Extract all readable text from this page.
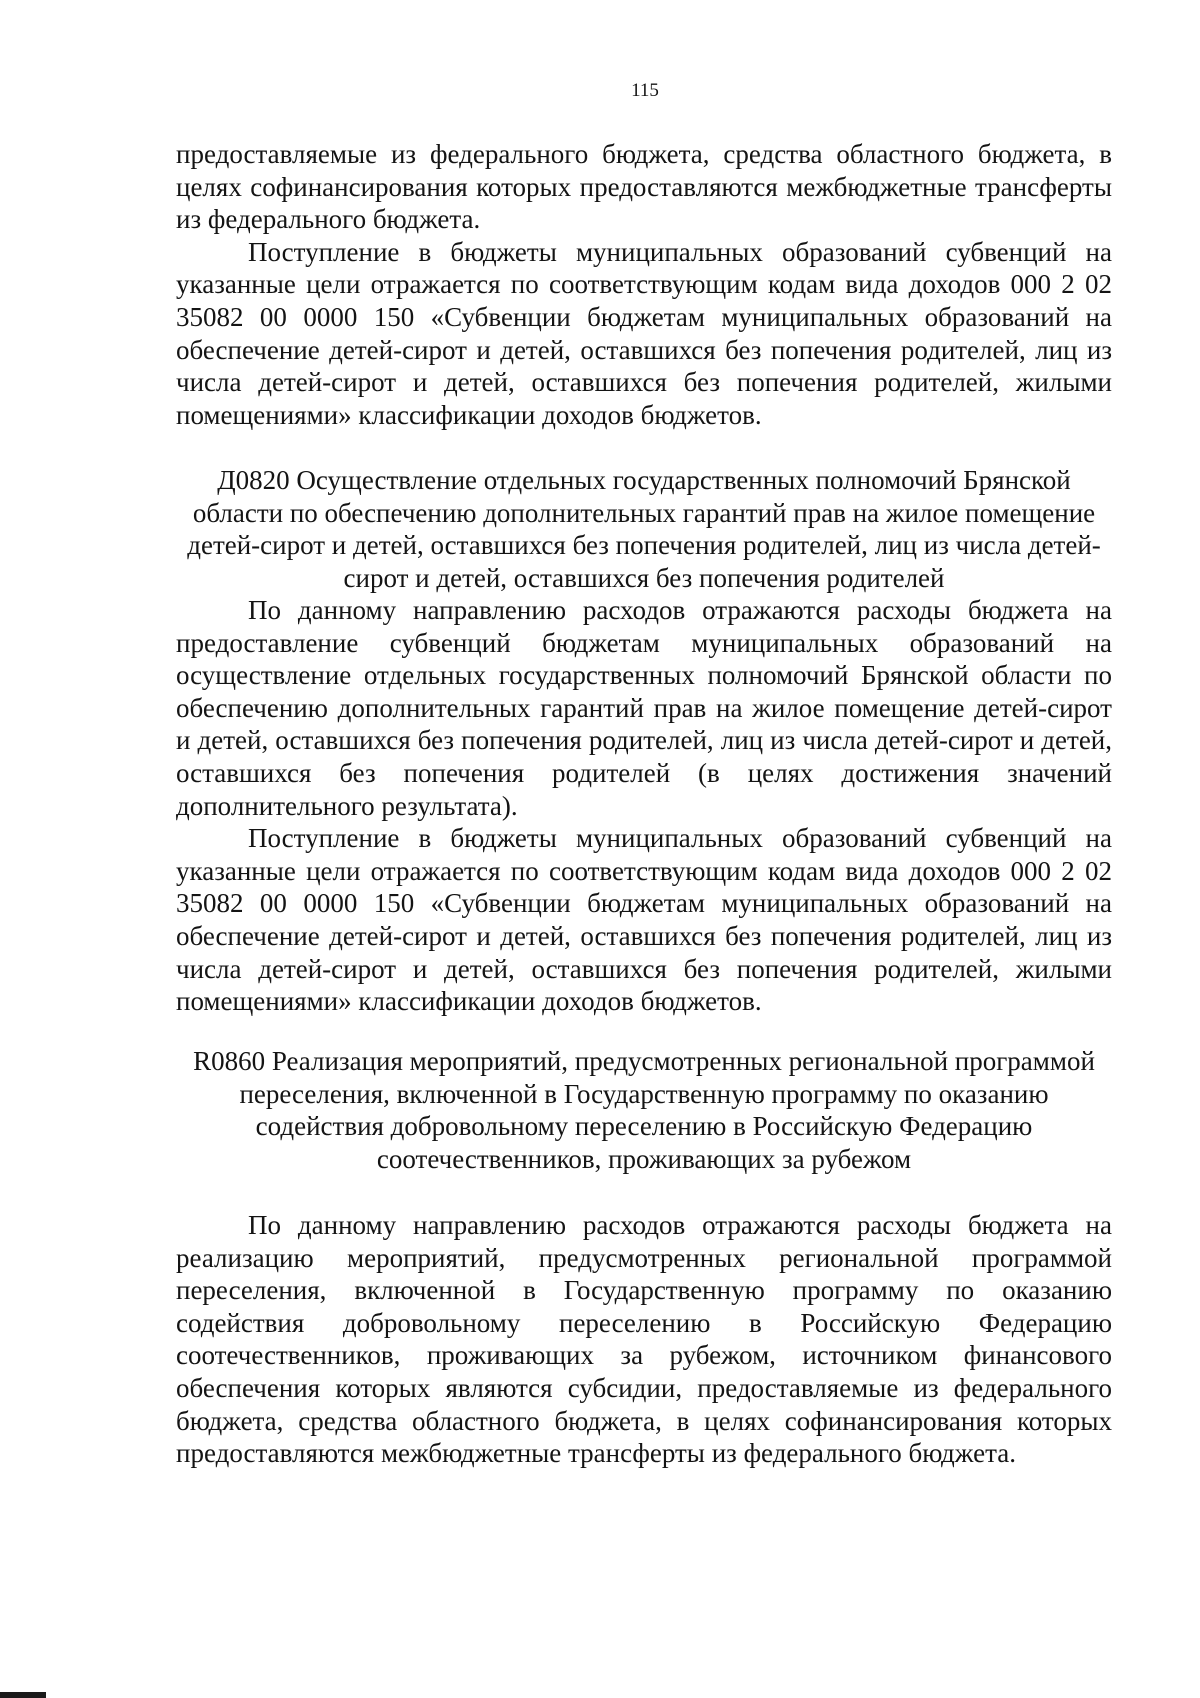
115

предоставляемые из федерального бюджета, средства областного бюджета, в целях софинансирования которых предоставляются межбюджетные трансферты из федерального бюджета.

Поступление в бюджеты муниципальных образований субвенций на указанные цели отражается по соответствующим кодам вида доходов 000 2 02 35082 00 0000 150 «Субвенции бюджетам муниципальных образований на обеспечение детей-сирот и детей, оставшихся без попечения родителей, лиц из числа детей-сирот и детей, оставшихся без попечения родителей, жилыми помещениями» классификации доходов бюджетов.

Д0820 Осуществление отдельных государственных полномочий Брянской области по обеспечению дополнительных гарантий прав на жилое помещение детей-сирот и детей, оставшихся без попечения родителей, лиц из числа детей-сирот и детей, оставшихся без попечения родителей

По данному направлению расходов отражаются расходы бюджета на предоставление субвенций бюджетам муниципальных образований на осуществление отдельных государственных полномочий Брянской области по обеспечению дополнительных гарантий прав на жилое помещение детей-сирот и детей, оставшихся без попечения родителей, лиц из числа детей-сирот и детей, оставшихся без попечения родителей (в целях достижения значений дополнительного результата).

Поступление в бюджеты муниципальных образований субвенций на указанные цели отражается по соответствующим кодам вида доходов 000 2 02 35082 00 0000 150 «Субвенции бюджетам муниципальных образований на обеспечение детей-сирот и детей, оставшихся без попечения родителей, лиц из числа детей-сирот и детей, оставшихся без попечения родителей, жилыми помещениями» классификации доходов бюджетов.

R0860 Реализация мероприятий, предусмотренных региональной программой переселения, включенной в Государственную программу по оказанию содействия добровольному переселению в Российскую Федерацию соотечественников, проживающих за рубежом

По данному направлению расходов отражаются расходы бюджета на реализацию мероприятий, предусмотренных региональной программой переселения, включенной в Государственную программу по оказанию содействия добровольному переселению в Российскую Федерацию соотечественников, проживающих за рубежом, источником финансового обеспечения которых являются субсидии, предоставляемые из федерального бюджета, средства областного бюджета, в целях софинансирования которых предоставляются межбюджетные трансферты из федерального бюджета.
